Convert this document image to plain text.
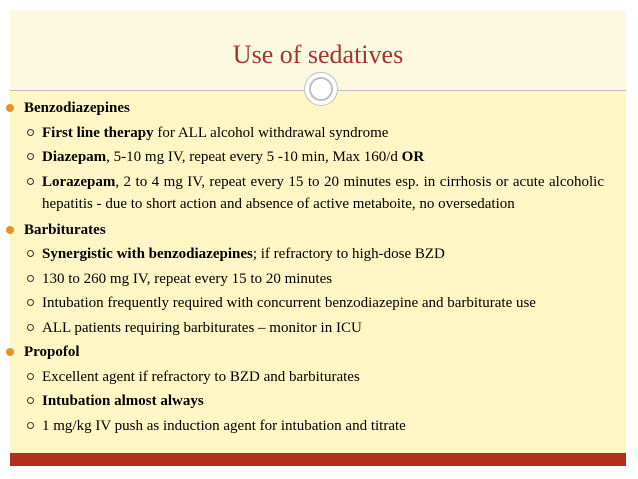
Use of sedatives
Benzodiazepines
First line therapy for ALL alcohol withdrawal syndrome
Diazepam, 5-10 mg IV, repeat every 5 -10 min, Max 160/d OR
Lorazepam, 2 to 4 mg IV, repeat every 15 to 20 minutes esp. in cirrhosis or acute alcoholic hepatitis - due to short action and absence of active metaboite, no oversedation
Barbiturates
Synergistic with benzodiazepines; if refractory to high-dose BZD
130 to 260 mg IV, repeat every 15 to 20 minutes
Intubation frequently required with concurrent benzodiazepine and barbiturate use
ALL patients requiring barbiturates – monitor in ICU
Propofol
Excellent agent if refractory to BZD and barbiturates
Intubation almost always
1 mg/kg IV push as induction agent for intubation and titrate
